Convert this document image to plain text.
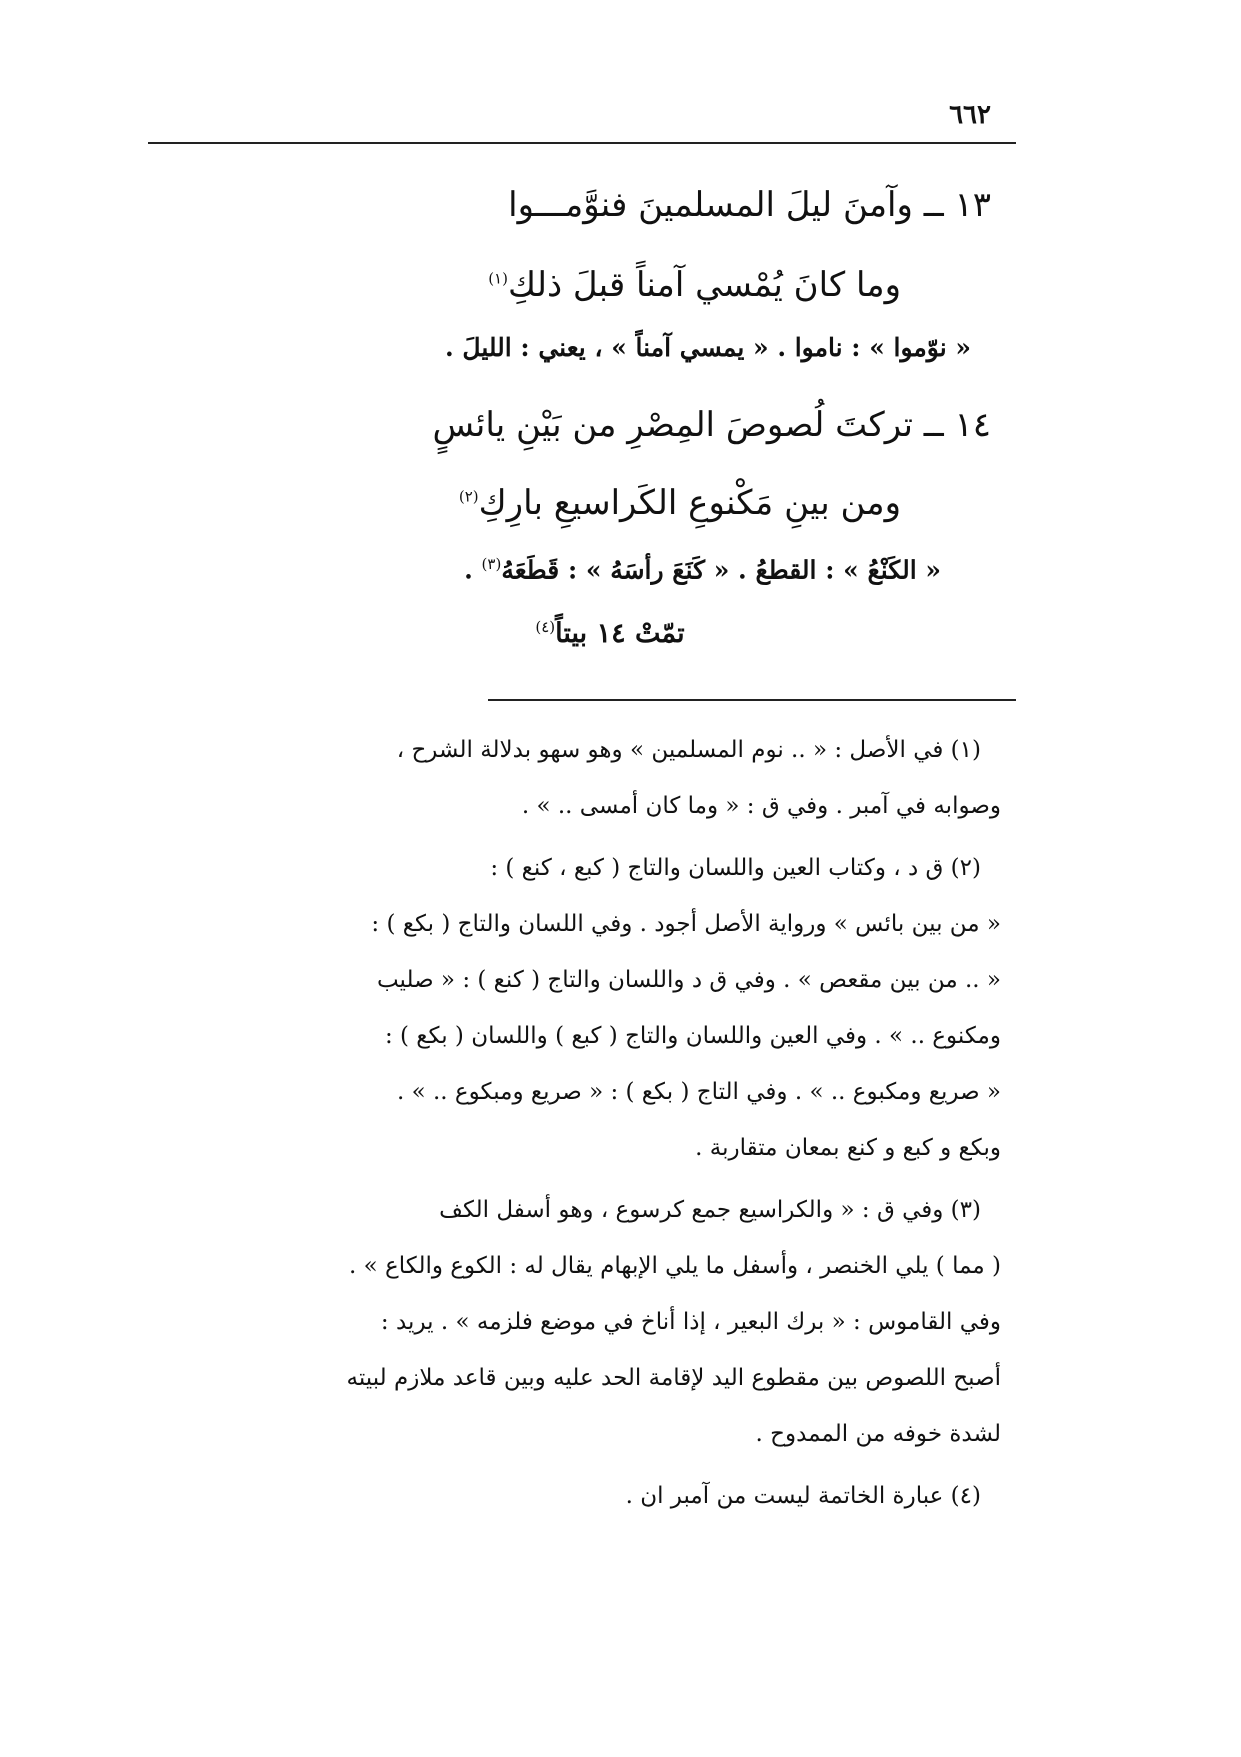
٦٦٢
١٣ ــ وآمنَ ليلَ المسلمينَ فنوَّمـــوا
وما كانَ يُمْسي آمناً قبلَ ذلكِ$^{(١)}$
« نوّموا » : ناموا . « يمسي آمناً » ، يعني : الليلَ .
١٤ ــ تركتَ لُصوصَ المِصْرِ من بَيْنِ يائسٍ
ومن بينِ مَكْنوعِ الكَراسيعِ بارِكِ$^{(٢)}$
« الكَنْعُ » : القطعُ . « كَنَعَ رأسَهُ » : قَطَعَهُ$^{(٣)}$ .
تمّتْ ١٤ بيتاً$^{(٤)}$
(١) في الأصل : « .. نوم المسلمين » وهو سهو بدلالة الشرح ،
وصوابه في آمبر . وفي ق : « وما كان أمسى .. » .
(٢) ق د ، وكتاب العين واللسان والتاج ( كبع ، كنع ) :
« من بين بائس » ورواية الأصل أجود . وفي اللسان والتاج ( بكع ) :
« .. من بين مقعص » . وفي ق د واللسان والتاج ( كنع ) : « صليب
ومكنوع .. » . وفي العين واللسان والتاج ( كبع ) واللسان ( بكع ) :
« صريع ومكبوع .. » . وفي التاج ( بكع ) : « صريع ومبكوع .. » .
وبكع و كبع و كنع بمعان متقاربة .
(٣) وفي ق : « والكراسيع جمع كرسوع ، وهو أسفل الكف
( مما ) يلي الخنصر ، وأسفل ما يلي الإبهام يقال له : الكوع والكاع » .
وفي القاموس : « برك البعير ، إذا أناخ في موضع فلزمه » . يريد :
أصبح اللصوص بين مقطوع اليد لإقامة الحد عليه وبين قاعد ملازم لبيته
لشدة خوفه من الممدوح .
(٤) عبارة الخاتمة ليست من آمبر ان .
